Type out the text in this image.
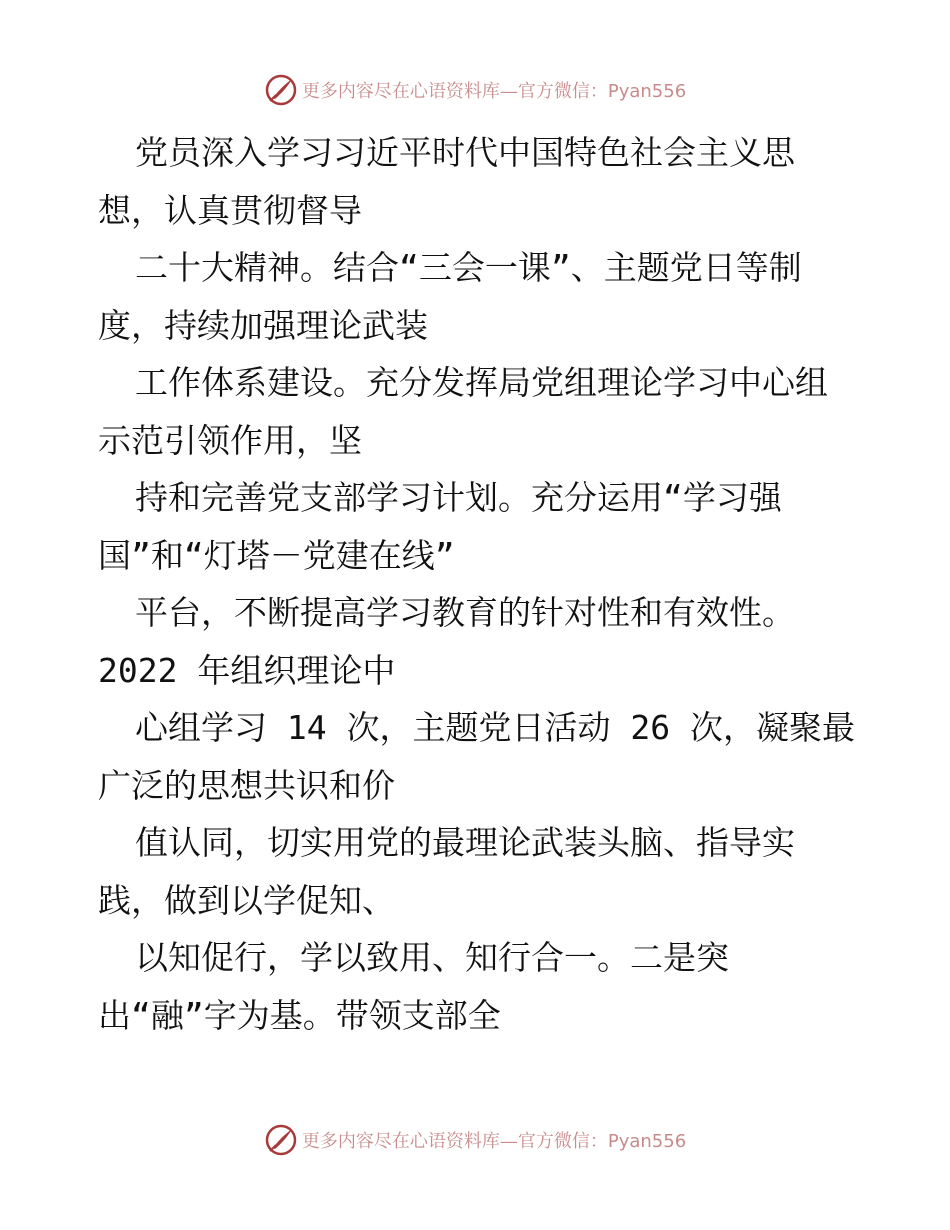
更多内容尽在心语资料库—官方微信：Pyan556
党员深入学习习近平时代中国特色社会主义思
想，认真贯彻督导
二十大精神。结合“三会一课”、主题党日等制
度，持续加强理论武装
工作体系建设。充分发挥局党组理论学习中心组
示范引领作用，坚
持和完善党支部学习计划。充分运用“学习强
国”和“灯塔－党建在线”
平台，不断提高学习教育的针对性和有效性。
2022 年组织理论中
心组学习 14 次，主题党日活动 26 次，凝聚最
广泛的思想共识和价
值认同，切实用党的最理论武装头脑、指导实
践，做到以学促知、
以知促行，学以致用、知行合一。二是突
出“融”字为基。带领支部全
更多内容尽在心语资料库—官方微信：Pyan556
